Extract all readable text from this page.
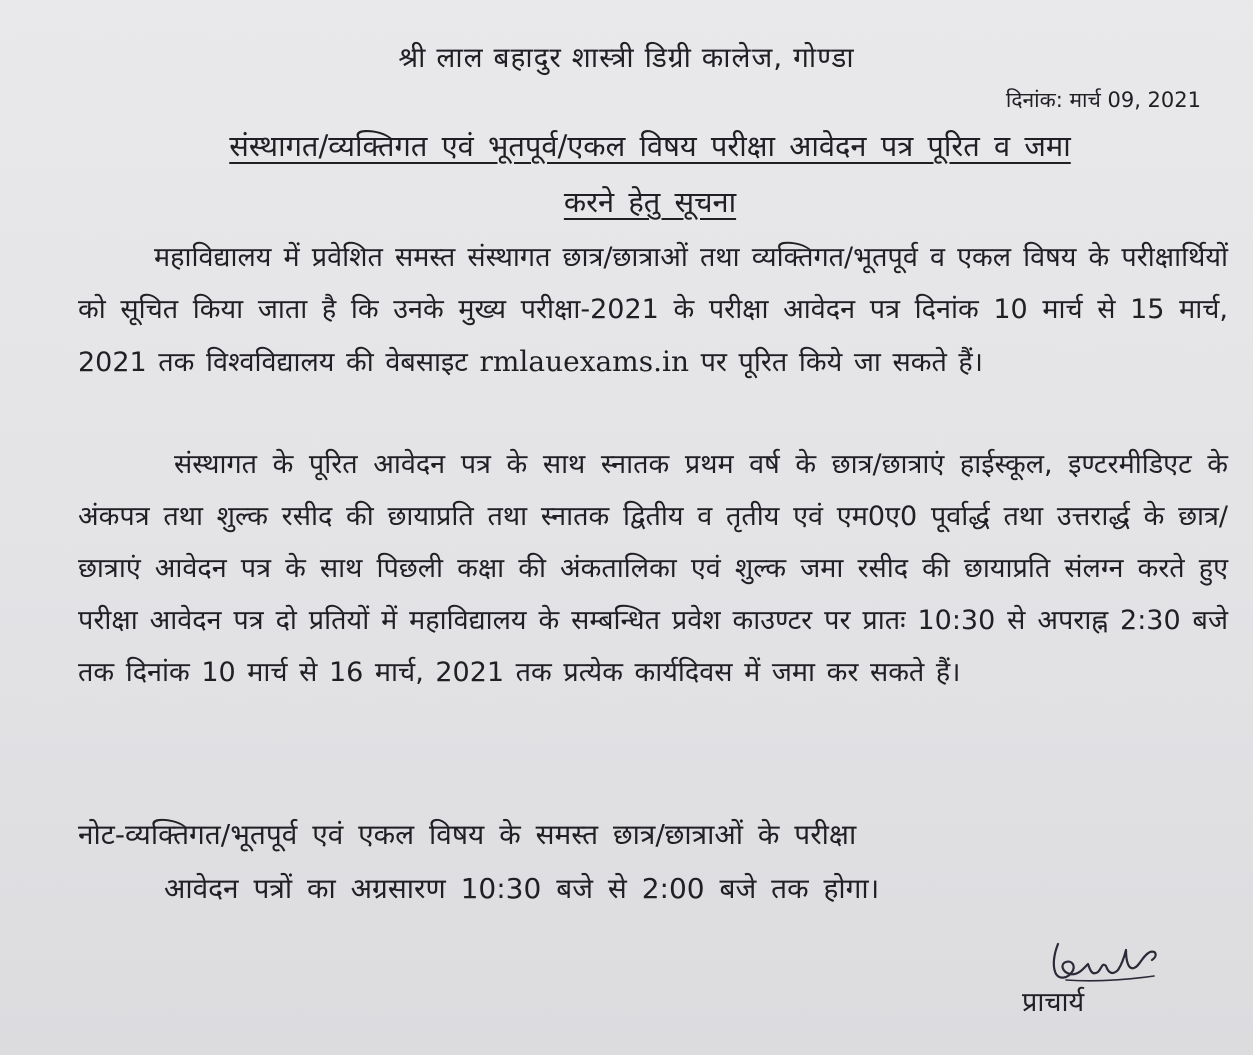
श्री लाल बहादुर शास्त्री डिग्री कालेज, गोण्डा
दिनांक: मार्च 09, 2021
संस्थागत/व्यक्तिगत एवं भूतपूर्व/एकल विषय परीक्षा आवेदन पत्र पूरित व जमा
करने हेतु सूचना
महाविद्यालय में प्रवेशित समस्त संस्थागत छात्र/छात्राओं तथा व्यक्तिगत/भूतपूर्व व एकल विषय के परीक्षार्थियों को सूचित किया जाता है कि उनके मुख्य परीक्षा-2021 के परीक्षा आवेदन पत्र दिनांक 10 मार्च से 15 मार्च, 2021 तक विश्वविद्यालय की वेबसाइट rmlauexams.in पर पूरित किये जा सकते हैं।
संस्थागत के पूरित आवेदन पत्र के साथ स्नातक प्रथम वर्ष के छात्र/छात्राएं हाईस्कूल, इण्टरमीडिएट के अंकपत्र तथा शुल्क रसीद की छायाप्रति तथा स्नातक द्वितीय व तृतीय एवं एम0ए0 पूर्वार्द्ध तथा उत्तरार्द्ध के छात्र/छात्राएं आवेदन पत्र के साथ पिछली कक्षा की अंकतालिका एवं शुल्क जमा रसीद की छायाप्रति संलग्न करते हुए परीक्षा आवेदन पत्र दो प्रतियों में महाविद्यालय के सम्बन्धित प्रवेश काउण्टर पर प्रातः 10:30 से अपराह्न 2:30 बजे तक दिनांक 10 मार्च से 16 मार्च, 2021 तक प्रत्येक कार्यदिवस में जमा कर सकते हैं।
नोट-व्यक्तिगत/भूतपूर्व एवं एकल विषय के समस्त छात्र/छात्राओं के परीक्षा
आवेदन पत्रों का अग्रसारण 10:30 बजे से 2:00 बजे तक होगा।
प्राचार्य
